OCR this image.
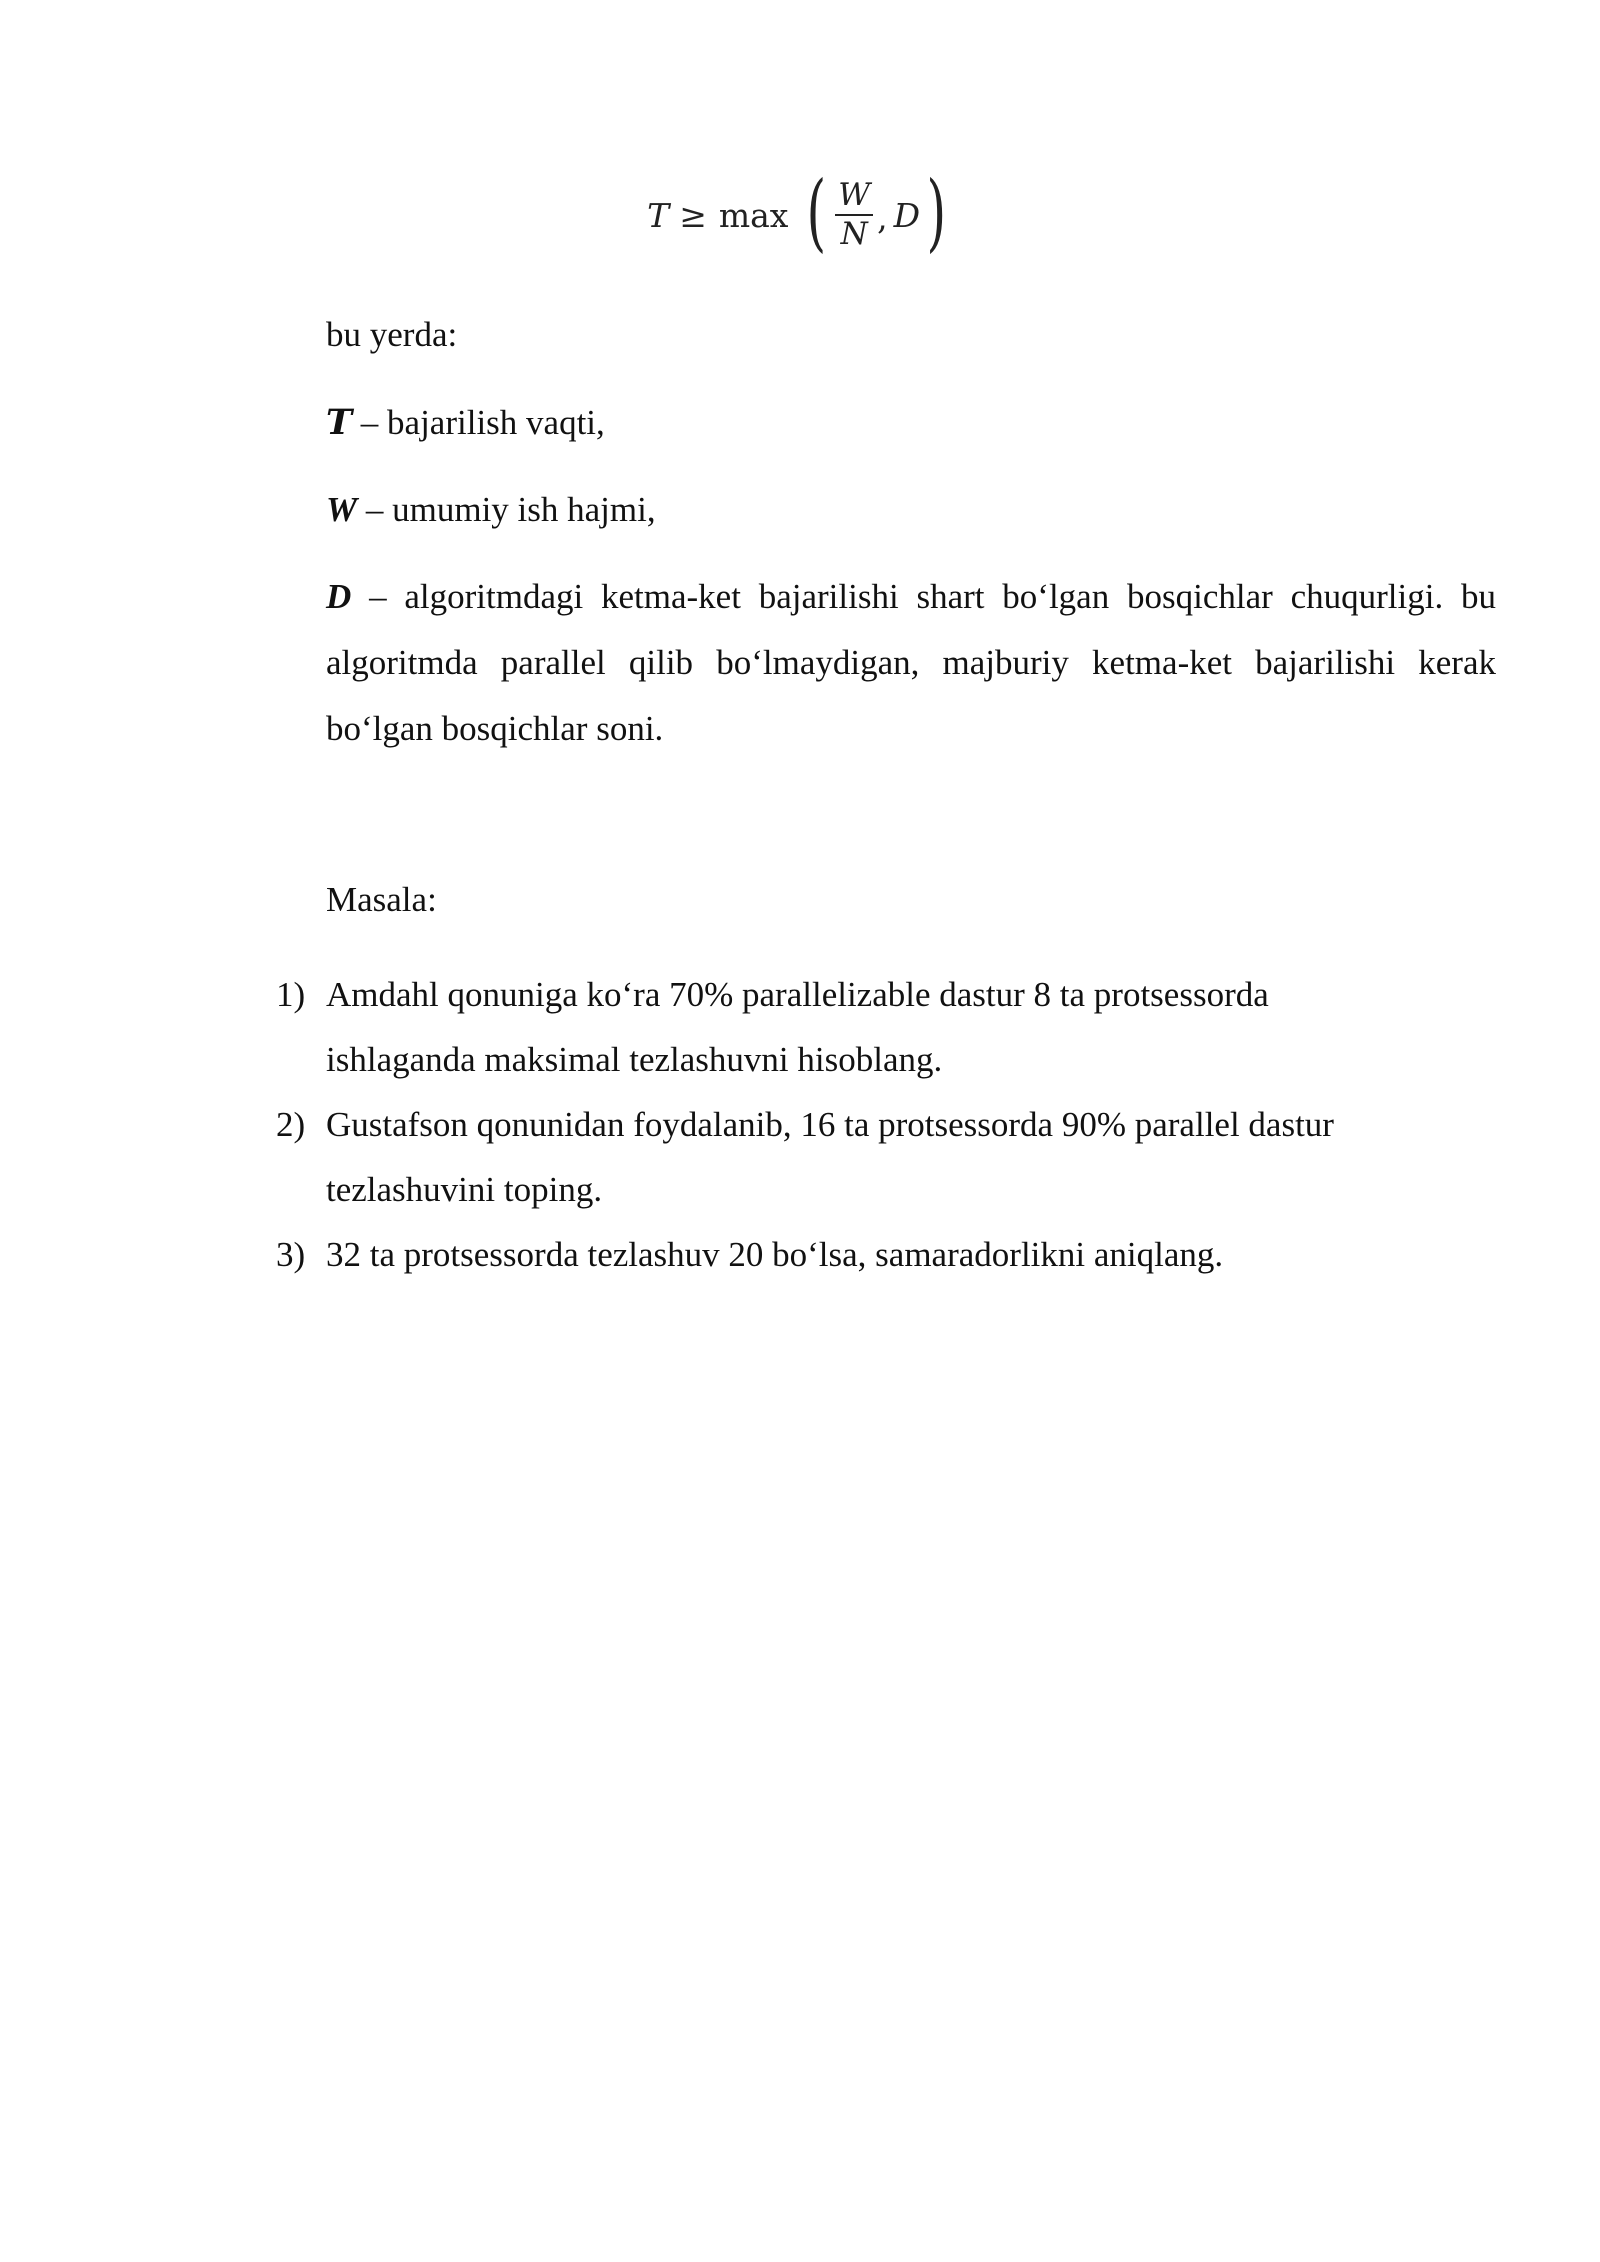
T ≥ max ( $\frac{W}{N}$ , D )

bu yerda:

T – bajarilish vaqti,

W – umumiy ish hajmi,

D – algoritmdagi ketma-ket bajarilishi shart bo‘lgan bosqichlar chuqurligi. bu algoritmda parallel qilib bo‘lmaydigan, majburiy ketma-ket bajarilishi kerak bo‘lgan bosqichlar soni.

Masala:

1) Amdahl qonuniga ko‘ra 70% parallelizable dastur 8 ta protsessorda ishlaganda maksimal tezlashuvni hisoblang.
2) Gustafson qonunidan foydalanib, 16 ta protsessorda 90% parallel dastur tezlashuvini toping.
3) 32 ta protsessorda tezlashuv 20 bo‘lsa, samaradorlikni aniqlang.
